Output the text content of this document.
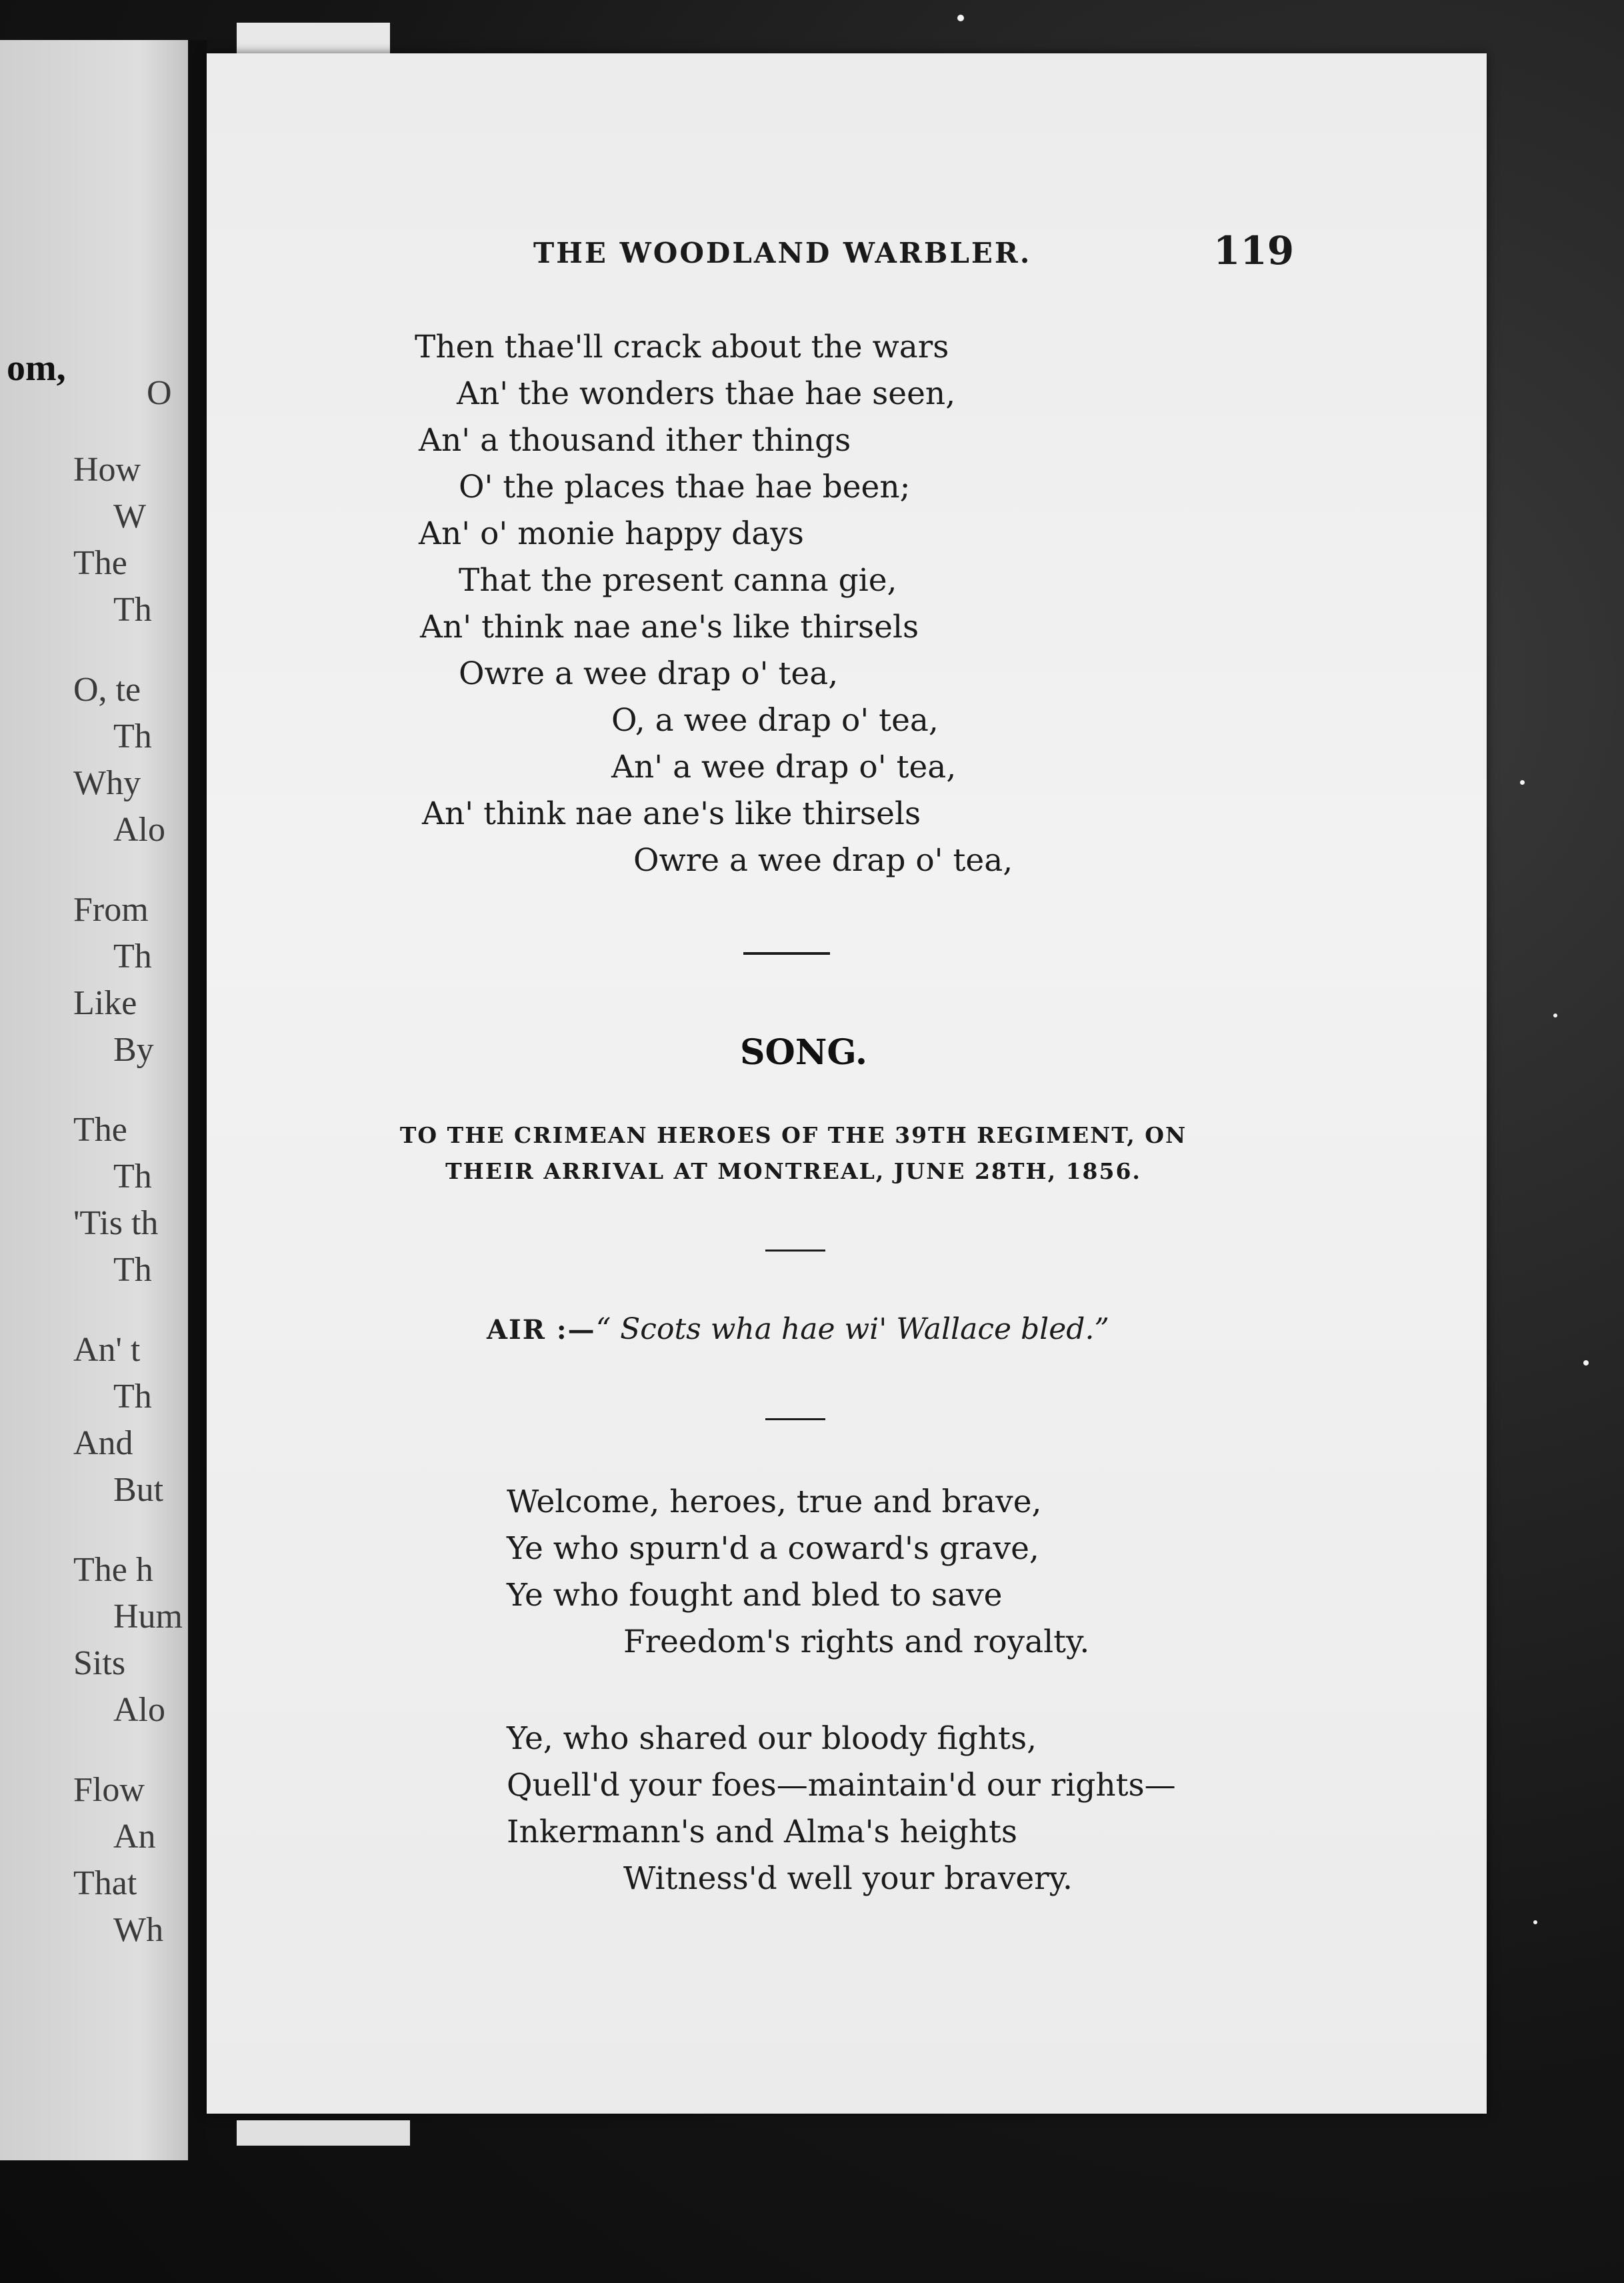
om,
O
How
W
The
Th
O, te
Th
Why
Alo
From
Th
Like
By
The
Th
'Tis th
Th
An' t
Th
And
But
The h
Hum
Sits
Alo
Flow
An
That
Wh
THE WOODLAND WARBLER.	119
Then thae'll crack about the wars
An' the wonders thae hae seen,
An' a thousand ither things
O' the places thae hae been;
An' o' monie happy days
That the present canna gie,
An' think nae ane's like thirsels
Owre a wee drap o' tea,
O, a wee drap o' tea,
An' a wee drap o' tea,
An' think nae ane's like thirsels
Owre a wee drap o' tea,
SONG.
TO THE CRIMEAN HEROES OF THE 39TH REGIMENT, ON
THEIR ARRIVAL AT MONTREAL, JUNE 28TH, 1856.
AIR :—“ Scots wha hae wi' Wallace bled.”
Welcome, heroes, true and brave,
Ye who spurn'd a coward's grave,
Ye who fought and bled to save
Freedom's rights and royalty.
Ye, who shared our bloody fights,
Quell'd your foes—maintain'd our rights—
Inkermann's and Alma's heights
Witness'd well your bravery.
